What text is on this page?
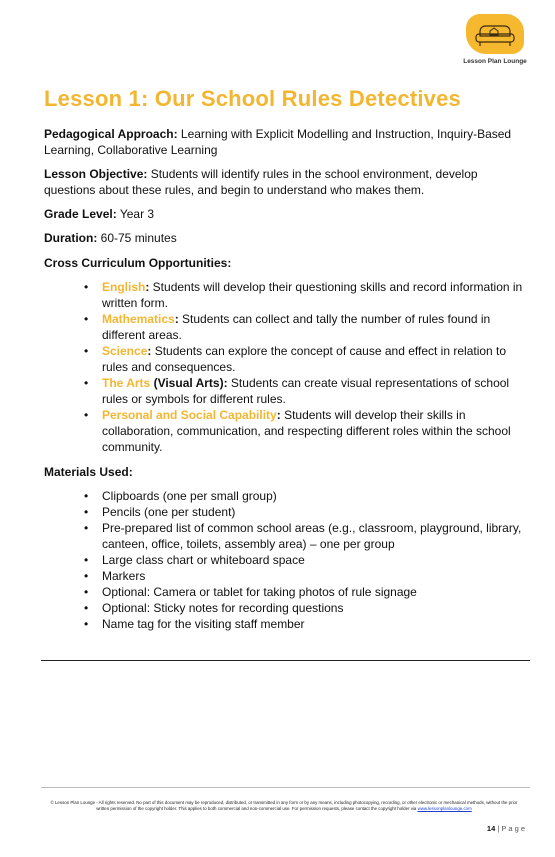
Lesson Plan Lounge
Lesson 1: Our School Rules Detectives
Pedagogical Approach: Learning with Explicit Modelling and Instruction, Inquiry-Based Learning, Collaborative Learning
Lesson Objective: Students will identify rules in the school environment, develop questions about these rules, and begin to understand who makes them.
Grade Level: Year 3
Duration: 60-75 minutes
Cross Curriculum Opportunities:
• English: Students will develop their questioning skills and record information in written form.
• Mathematics: Students can collect and tally the number of rules found in different areas.
• Science: Students can explore the concept of cause and effect in relation to rules and consequences.
• The Arts (Visual Arts): Students can create visual representations of school rules or symbols for different rules.
• Personal and Social Capability: Students will develop their skills in collaboration, communication, and respecting different roles within the school community.
Materials Used:
• Clipboards (one per small group)
• Pencils (one per student)
• Pre-prepared list of common school areas (e.g., classroom, playground, library, canteen, office, toilets, assembly area) – one per group
• Large class chart or whiteboard space
• Markers
• Optional: Camera or tablet for taking photos of rule signage
• Optional: Sticky notes for recording questions
• Name tag for the visiting staff member
© Lesson Plan Lounge - All rights reserved. No part of this document may be reproduced, distributed, or transmitted in any form or by any means, including photocopying, recording, or other electronic or mechanical methods, without the prior written permission of the copyright holder. This applies to both commercial and non-commercial use. For permission requests, please contact the copyright holder via www.lessonplanlounge.com
14 | P a g e
